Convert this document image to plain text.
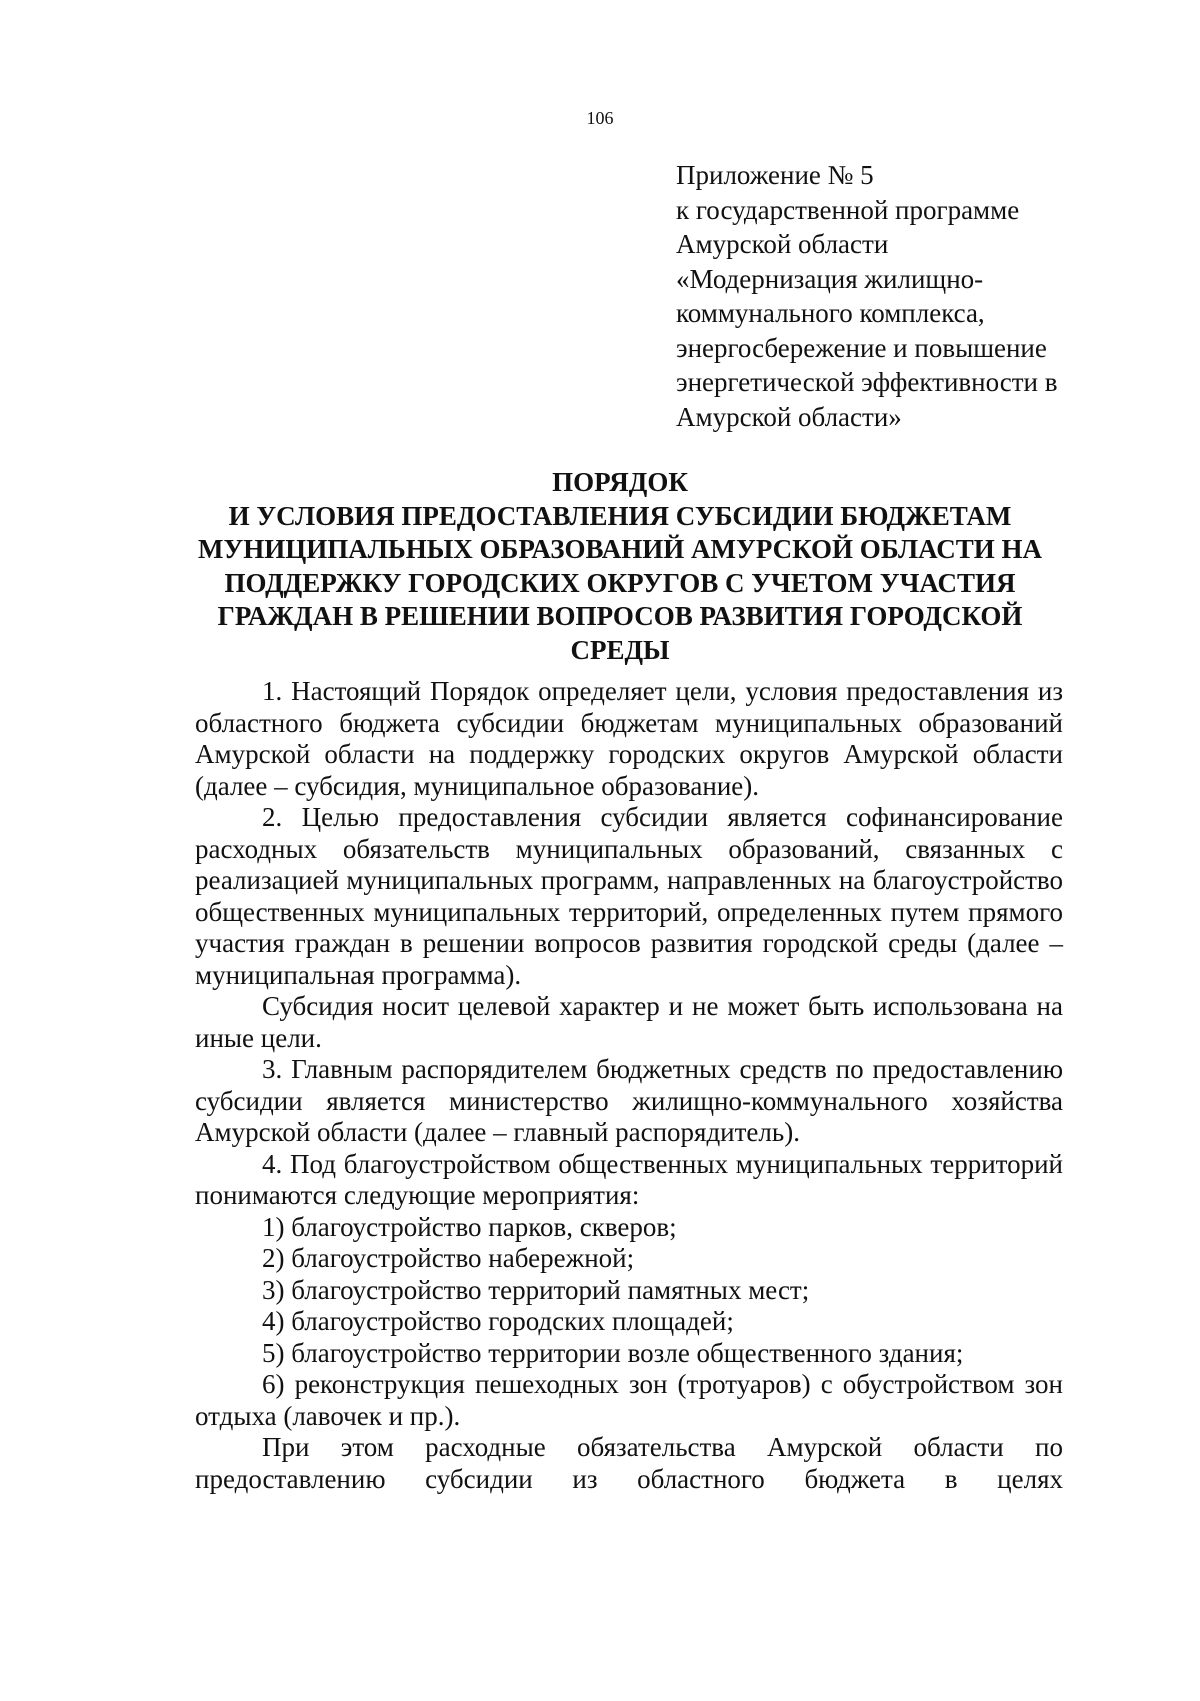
106
Приложение № 5
к государственной программе
Амурской области
«Модернизация жилищно-
коммунального комплекса,
энергосбережение и повышение
энергетической эффективности в
Амурской области»
ПОРЯДОК
И УСЛОВИЯ ПРЕДОСТАВЛЕНИЯ СУБСИДИИ БЮДЖЕТАМ
МУНИЦИПАЛЬНЫХ ОБРАЗОВАНИЙ АМУРСКОЙ ОБЛАСТИ НА
ПОДДЕРЖКУ ГОРОДСКИХ ОКРУГОВ С УЧЕТОМ УЧАСТИЯ
ГРАЖДАН В РЕШЕНИИ ВОПРОСОВ РАЗВИТИЯ ГОРОДСКОЙ
СРЕДЫ

1. Настоящий Порядок определяет цели, условия предоставления из областного бюджета субсидии бюджетам муниципальных образований Амурской области на поддержку городских округов Амурской области (далее – субсидия, муниципальное образование).

2. Целью предоставления субсидии является софинансирование расходных обязательств муниципальных образований, связанных с реализацией муниципальных программ, направленных на благоустройство общественных муниципальных территорий, определенных путем прямого участия граждан в решении вопросов развития городской среды (далее – муниципальная программа).

Субсидия носит целевой характер и не может быть использована на иные цели.

3. Главным распорядителем бюджетных средств по предоставлению субсидии является министерство жилищно-коммунального хозяйства Амурской области (далее – главный распорядитель).

4. Под благоустройством общественных муниципальных территорий понимаются следующие мероприятия:

1) благоустройство парков, скверов;

2) благоустройство набережной;

3) благоустройство территорий памятных мест;

4) благоустройство городских площадей;

5) благоустройство территории возле общественного здания;

6) реконструкция пешеходных зон (тротуаров) с обустройством зон отдыха (лавочек и пр.).

При этом расходные обязательства Амурской области по предоставлению субсидии из областного бюджета в целях
